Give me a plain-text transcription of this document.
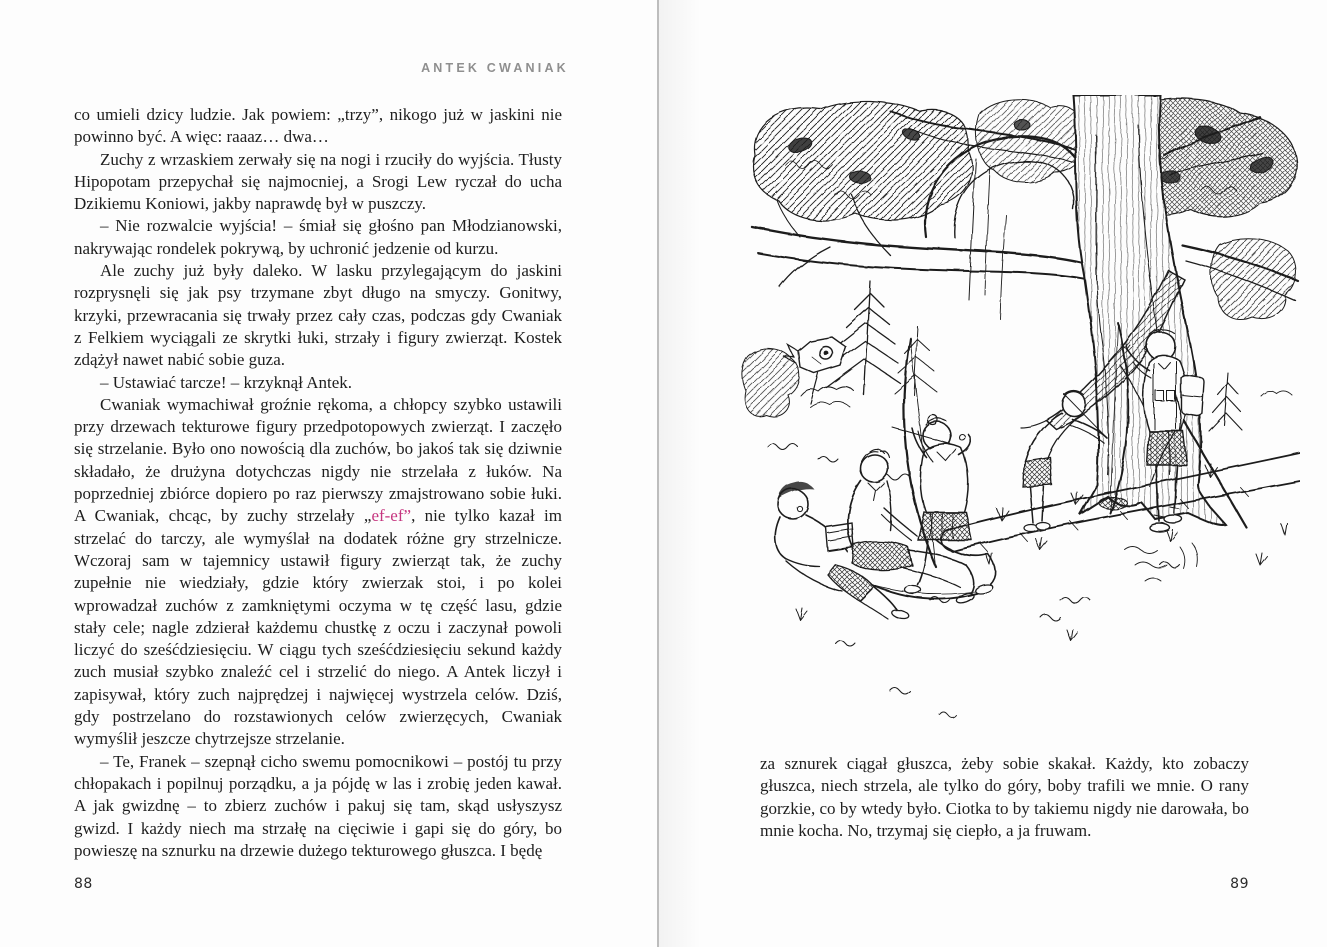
ANTEK CWANIAK

co umieli dzicy ludzie. Jak powiem: „trzy”, nikogo już w jaskini nie powinno być. A więc: raaaz… dwa…

Zuchy z wrzaskiem zerwały się na nogi i rzuciły do wyjścia. Tłusty Hipopotam przepychał się najmocniej, a Srogi Lew ryczał do ucha Dzikiemu Koniowi, jakby naprawdę był w puszczy.

– Nie rozwalcie wyjścia! – śmiał się głośno pan Młodzianowski, nakrywając rondelek pokrywą, by uchronić jedzenie od kurzu.

Ale zuchy już były daleko. W lasku przylegającym do jaskini rozprysnęli się jak psy trzymane zbyt długo na smyczy. Gonitwy, krzyki, przewracania się trwały przez cały czas, podczas gdy Cwaniak z Felkiem wyciągali ze skrytki łuki, strzały i figury zwierząt. Kostek zdążył nawet nabić sobie guza.

– Ustawiać tarcze! – krzyknął Antek.

Cwaniak wymachiwał groźnie rękoma, a chłopcy szybko ustawili przy drzewach tekturowe figury przedpotopowych zwierząt. I zaczęło się strzelanie. Było ono nowością dla zuchów, bo jakoś tak się dziwnie składało, że drużyna dotychczas nigdy nie strzelała z łuków. Na poprzedniej zbiórce dopiero po raz pierwszy zmajstrowano sobie łuki. A Cwaniak, chcąc, by zuchy strzelały „ef-ef”, nie tylko kazał im strzelać do tarczy, ale wymyślał na dodatek różne gry strzelnicze. Wczoraj sam w tajemnicy ustawił figury zwierząt tak, że zuchy zupełnie nie wiedziały, gdzie który zwierzak stoi, i po kolei wprowadzał zuchów z zamkniętymi oczyma w tę część lasu, gdzie stały cele; nagle zdzierał każdemu chustkę z oczu i zaczynał powoli liczyć do sześćdziesięciu. W ciągu tych sześćdziesięciu sekund każdy zuch musiał szybko znaleźć cel i strzelić do niego. A Antek liczył i zapisywał, który zuch najprędzej i najwięcej wystrzela celów. Dziś, gdy postrzelano do rozstawionych celów zwierzęcych, Cwaniak wymyślił jeszcze chytrzejsze strzelanie.

– Te, Franek – szepnął cicho swemu pomocnikowi – postój tu przy chłopakach i popilnuj porządku, a ja pójdę w las i zrobię jeden kawał. A jak gwizdnę – to zbierz zuchów i pakuj się tam, skąd usłyszysz gwizd. I każdy niech ma strzałę na cięciwie i gapi się do góry, bo powieszę na sznurku na drzewie dużego tekturowego głuszca. I będę

88

za sznurek ciągał głuszca, żeby sobie skakał. Każdy, kto zobaczy głuszca, niech strzela, ale tylko do góry, boby trafili we mnie. O rany gorzkie, co by wtedy było. Ciotka to by takiemu nigdy nie darowała, bo mnie kocha. No, trzymaj się ciepło, a ja fruwam.

89
